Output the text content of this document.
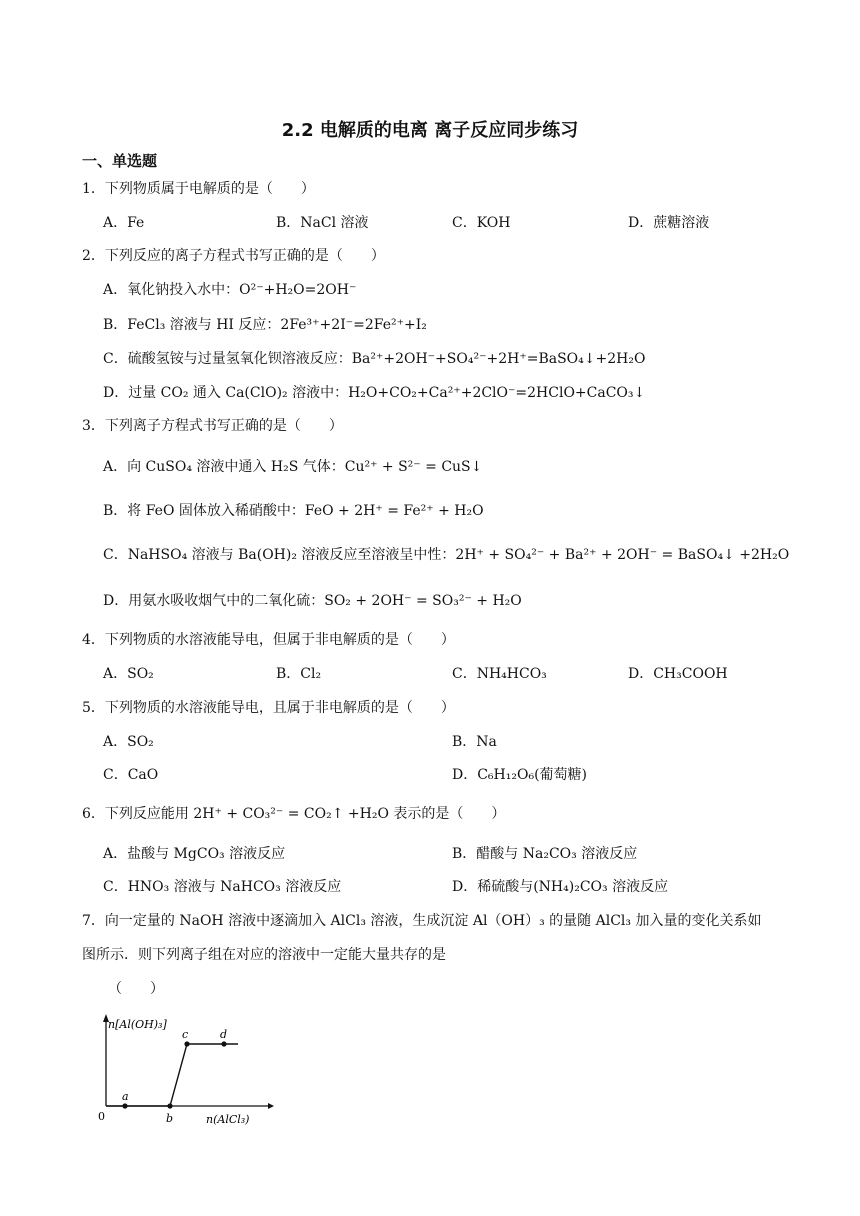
2.2 电解质的电离 离子反应同步练习
一、单选题
1．下列物质属于电解质的是（　　）
A．Fe	B．NaCl 溶液	C．KOH	D．蔗糖溶液
2．下列反应的离子方程式书写正确的是（　　）
A．氧化钠投入水中：O²⁻+H₂O=2OH⁻
B．FeCl₃ 溶液与 HI 反应：2Fe³⁺+2I⁻=2Fe²⁺+I₂
C．硫酸氢铵与过量氢氧化钡溶液反应：Ba²⁺+2OH⁻+SO₄²⁻+2H⁺=BaSO₄↓+2H₂O
D．过量 CO₂ 通入 Ca(ClO)₂ 溶液中：H₂O+CO₂+Ca²⁺+2ClO⁻=2HClO+CaCO₃↓
3．下列离子方程式书写正确的是（　　）
A．向 CuSO₄ 溶液中通入 H₂S 气体：Cu²⁺ + S²⁻ = CuS↓
B．将 FeO 固体放入稀硝酸中：FeO + 2H⁺ = Fe²⁺ + H₂O
C．NaHSO₄ 溶液与 Ba(OH)₂ 溶液反应至溶液呈中性：2H⁺ + SO₄²⁻ + Ba²⁺ + 2OH⁻ = BaSO₄↓ +2H₂O
D．用氨水吸收烟气中的二氧化硫：SO₂ + 2OH⁻ = SO₃²⁻ + H₂O
4．下列物质的水溶液能导电，但属于非电解质的是（　　）
A．SO₂	B．Cl₂	C．NH₄HCO₃	D．CH₃COOH
5．下列物质的水溶液能导电，且属于非电解质的是（　　）
A．SO₂	B．Na
C．CaO	D．C₆H₁₂O₆(葡萄糖)
6．下列反应能用 2H⁺ + CO₃²⁻ = CO₂↑ +H₂O 表示的是（　　）
A．盐酸与 MgCO₃ 溶液反应	B．醋酸与 Na₂CO₃ 溶液反应
C．HNO₃ 溶液与 NaHCO₃ 溶液反应	D．稀硫酸与(NH₄)₂CO₃ 溶液反应
7．向一定量的 NaOH 溶液中逐滴加入 AlCl₃ 溶液，生成沉淀 Al（OH）₃ 的量随 AlCl₃ 加入量的变化关系如
图所示．则下列离子组在对应的溶液中一定能大量共存的是
（　　）
n[Al(OH)₃]
n(AlCl₃)
0
a
b
c	d
